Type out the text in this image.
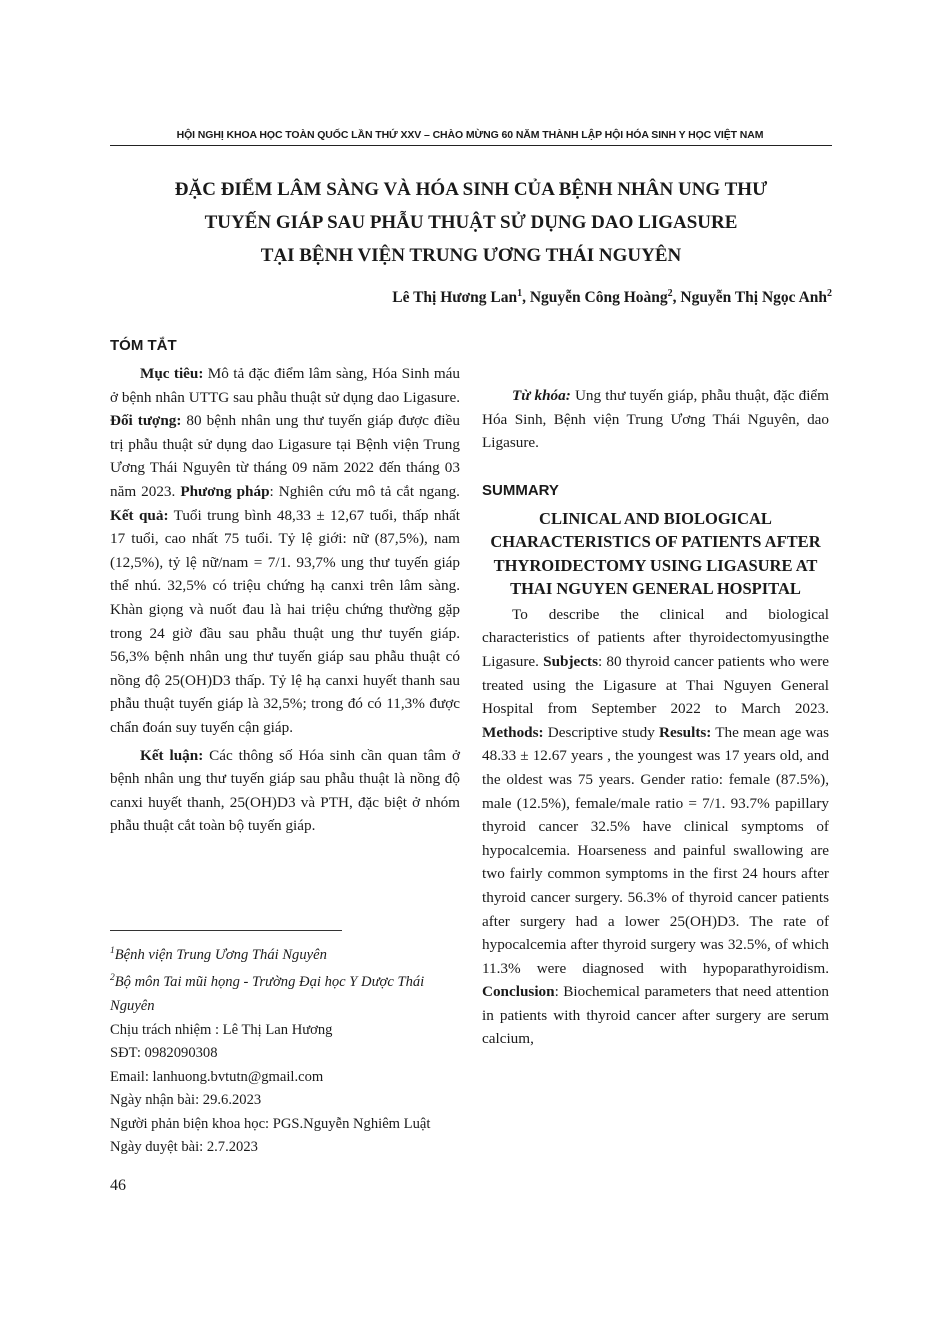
HỘI NGHỊ KHOA HỌC TOÀN QUỐC LẦN THỨ XXV – CHÀO MỪNG 60 NĂM THÀNH LẬP HỘI HÓA SINH Y HỌC VIỆT NAM
ĐẶC ĐIỂM LÂM SÀNG VÀ HÓA SINH CỦA BỆNH NHÂN UNG THƯ
TUYẾN GIÁP SAU PHẪU THUẬT SỬ DỤNG DAO LIGASURE
TẠI BỆNH VIỆN TRUNG ƯƠNG THÁI NGUYÊN
Lê Thị Hương Lan$^1$, Nguyễn Công Hoàng$^2$, Nguyễn Thị Ngọc Anh$^2$
TÓM TẮT

Mục tiêu: Mô tả đặc điểm lâm sàng, Hóa Sinh máu ở bệnh nhân UTTG sau phẫu thuật sử dụng dao Ligasure. Đối tượng: 80 bệnh nhân ung thư tuyến giáp được điều trị phẫu thuật sử dụng dao Ligasure tại Bệnh viện Trung Ương Thái Nguyên từ tháng 09 năm 2022 đến tháng 03 năm 2023. Phương pháp: Nghiên cứu mô tả cắt ngang. Kết quả: Tuổi trung bình 48,33 ± 12,67 tuổi, thấp nhất 17 tuổi, cao nhất 75 tuổi. Tỷ lệ giới: nữ (87,5%), nam (12,5%), tỷ lệ nữ/nam = 7/1. 93,7% ung thư tuyến giáp thể nhú. 32,5% có triệu chứng hạ canxi trên lâm sàng. Khàn giọng và nuốt đau là hai triệu chứng thường gặp trong 24 giờ đầu sau phẫu thuật ung thư tuyến giáp. 56,3% bệnh nhân ung thư tuyến giáp sau phẫu thuật có nồng độ 25(OH)D3 thấp. Tỷ lệ hạ canxi huyết thanh sau phẫu thuật tuyến giáp là 32,5%; trong đó có 11,3% được chẩn đoán suy tuyến cận giáp.

Kết luận: Các thông số Hóa sinh cần quan tâm ở bệnh nhân ung thư tuyến giáp sau phẫu thuật là nồng độ canxi huyết thanh, 25(OH)D3 và PTH, đặc biệt ở nhóm phẫu thuật cắt toàn bộ tuyến giáp.

Từ khóa: Ung thư tuyến giáp, phẫu thuật, đặc điểm Hóa Sinh, Bệnh viện Trung Ương Thái Nguyên, dao Ligasure.

SUMMARY
CLINICAL AND BIOLOGICAL CHARACTERISTICS OF PATIENTS AFTER THYROIDECTOMY USING LIGASURE AT THAI NGUYEN GENERAL HOSPITAL

To describe the clinical and biological characteristics of patients after thyroidectomyusingthe Ligasure. Subjects: 80 thyroid cancer patients who were treated using the Ligasure at Thai Nguyen General Hospital from September 2022 to March 2023. Methods: Descriptive study Results: The mean age was 48.33 ± 12.67 years , the youngest was 17 years old, and the oldest was 75 years. Gender ratio: female (87.5%), male (12.5%), female/male ratio = 7/1. 93.7% papillary thyroid cancer 32.5% have clinical symptoms of hypocalcemia. Hoarseness and painful swallowing are two fairly common symptoms in the first 24 hours after thyroid cancer surgery. 56.3% of thyroid cancer patients after surgery had a lower 25(OH)D3. The rate of hypocalcemia after thyroid surgery was 32.5%, of which 11.3% were diagnosed with hypoparathyroidism. Conclusion: Biochemical parameters that need attention in patients with thyroid cancer after surgery are serum calcium,

$^1$Bệnh viện Trung Ương Thái Nguyên
$^2$Bộ môn Tai mũi họng - Trường Đại học Y Dược Thái Nguyên
Chịu trách nhiệm : Lê Thị Lan Hương
SĐT: 0982090308
Email: lanhuong.bvtutn@gmail.com
Ngày nhận bài: 29.6.2023
Người phản biện khoa học: PGS.Nguyễn Nghiêm Luật
Ngày duyệt bài: 2.7.2023
46
